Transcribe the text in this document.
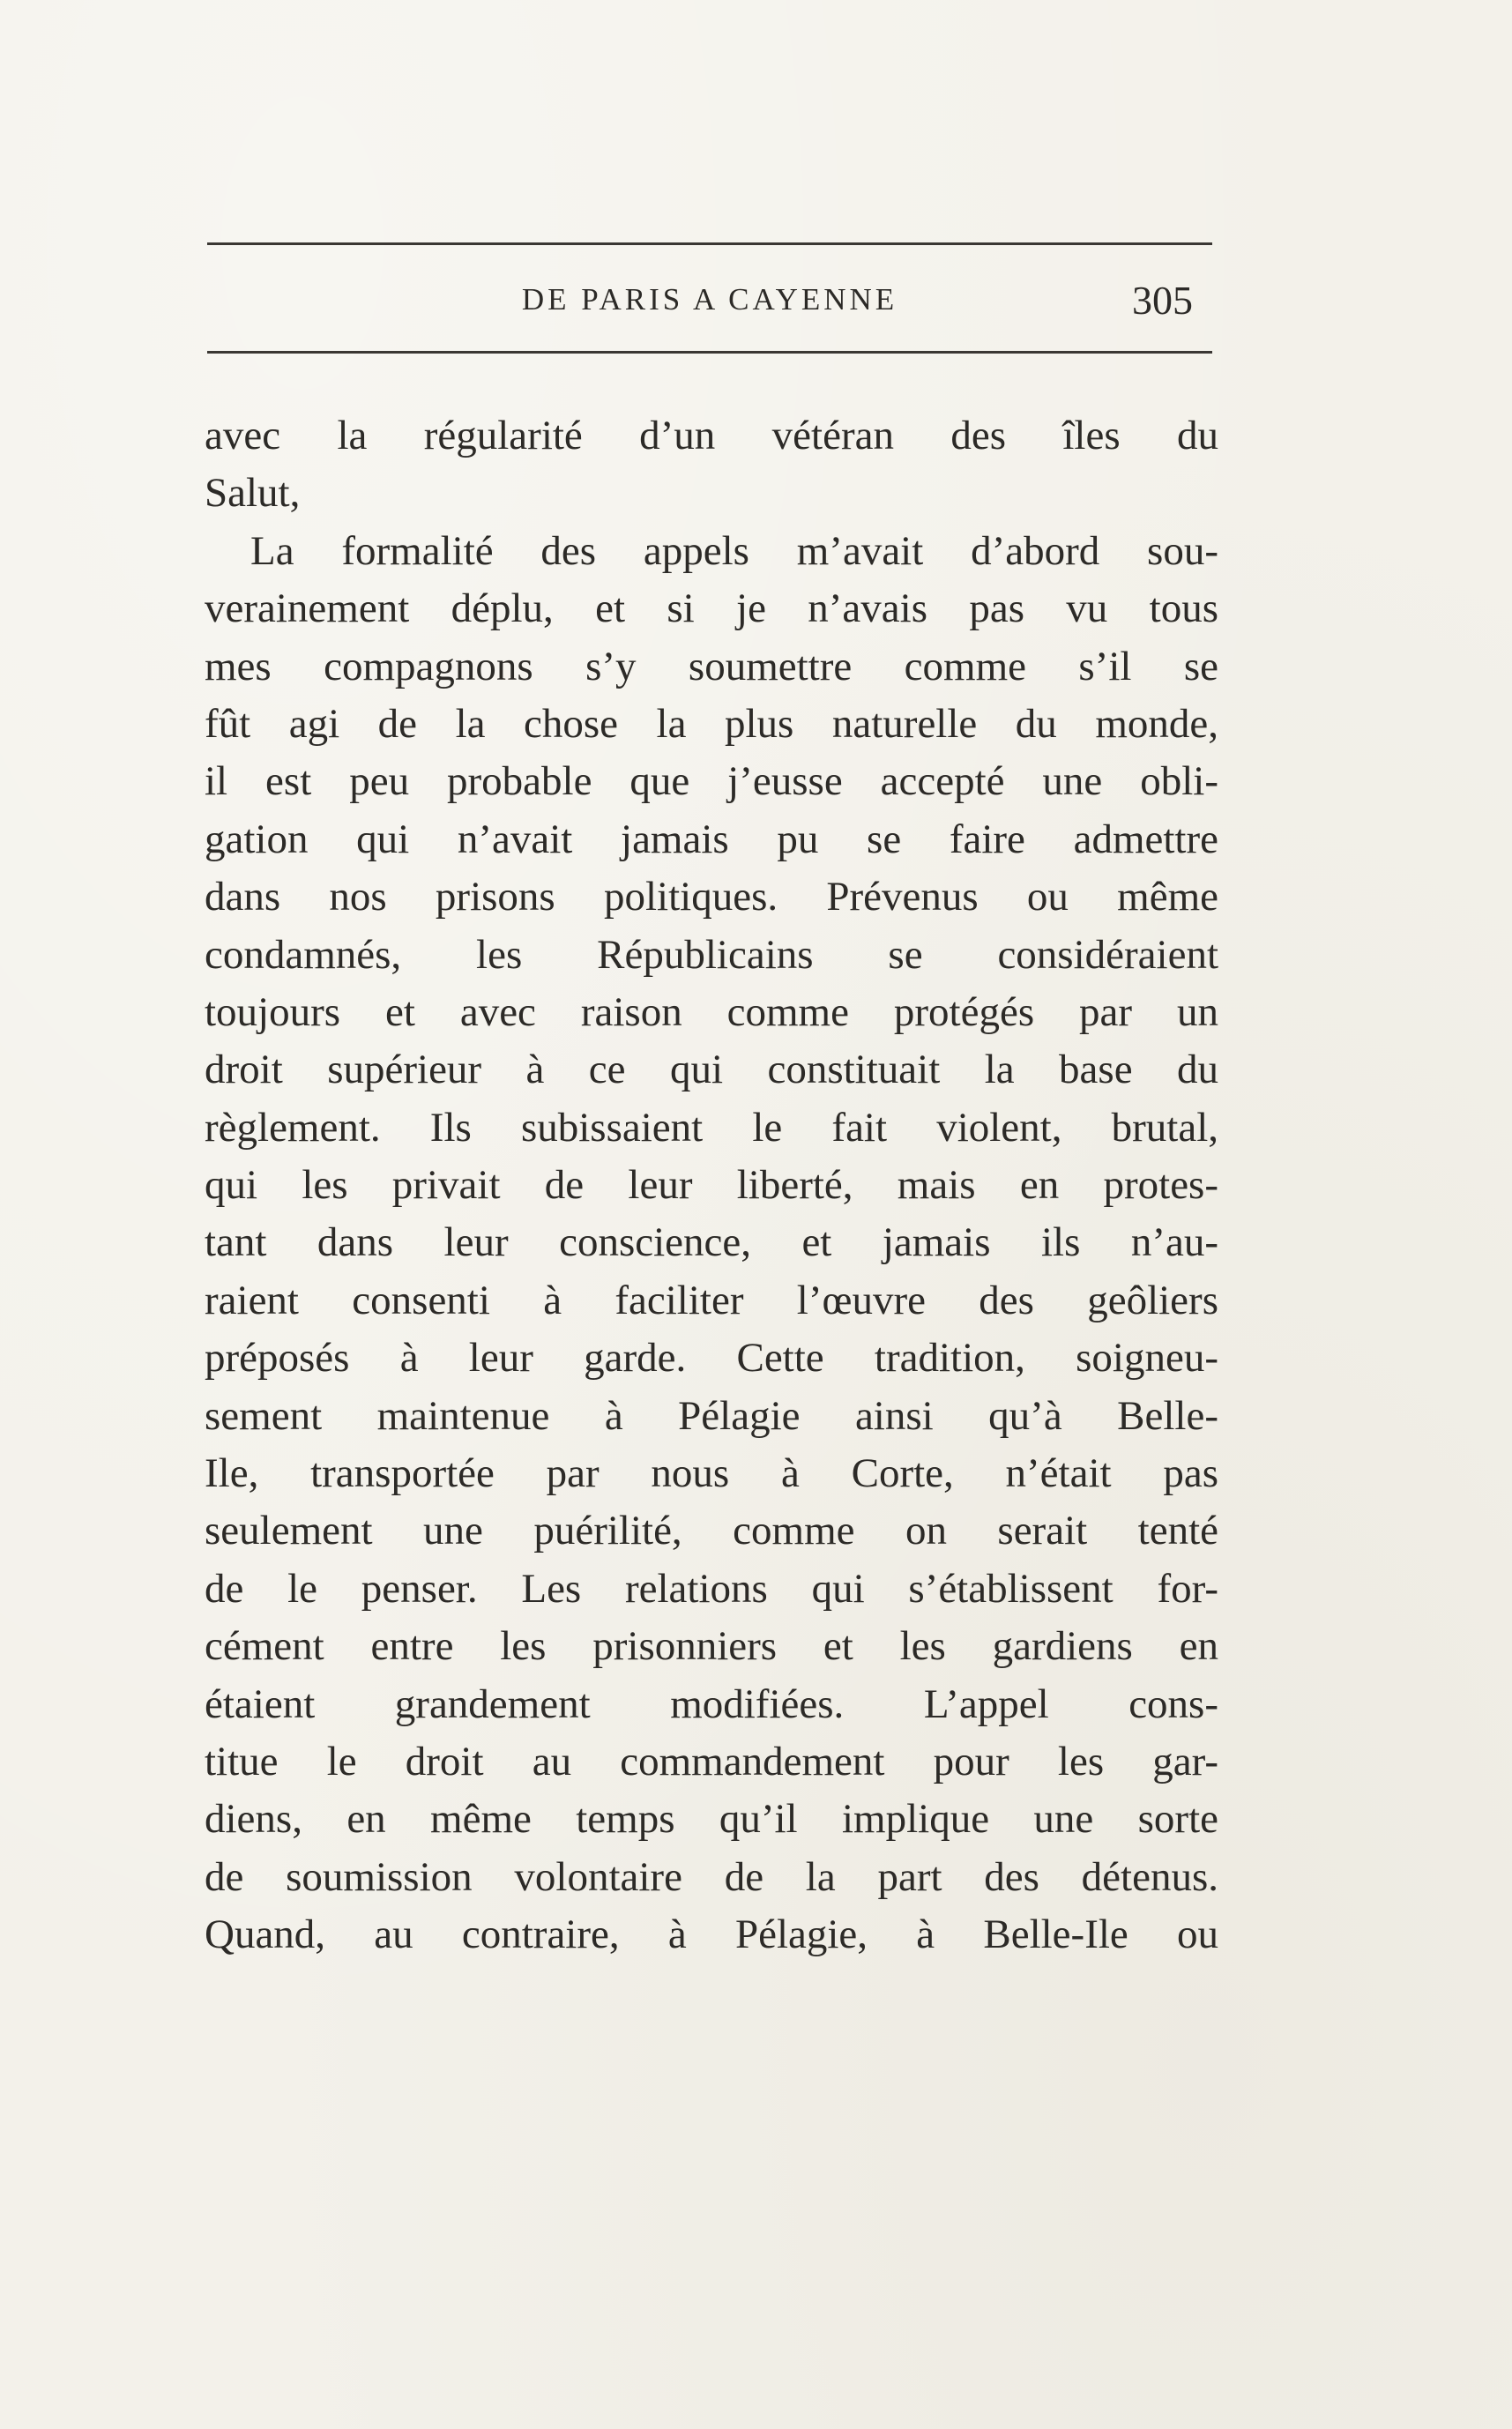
DE PARIS A CAYENNE	305
avec la régularité d’un vétéran des îles du
Salut,
La formalité des appels m’avait d’abord sou-
verainement déplu, et si je n’avais pas vu tous
mes compagnons s’y soumettre comme s’il se
fût agi de la chose la plus naturelle du monde,
il est peu probable que j’eusse accepté une obli-
gation qui n’avait jamais pu se faire admettre
dans nos prisons politiques. Prévenus ou même
condamnés, les Républicains se considéraient
toujours et avec raison comme protégés par un
droit supérieur à ce qui constituait la base du
règlement. Ils subissaient le fait violent, brutal,
qui les privait de leur liberté, mais en protes-
tant dans leur conscience, et jamais ils n’au-
raient consenti à faciliter l’œuvre des geôliers
préposés à leur garde. Cette tradition, soigneu-
sement maintenue à Pélagie ainsi qu’à Belle-
Ile, transportée par nous à Corte, n’était pas
seulement une puérilité, comme on serait tenté
de le penser. Les relations qui s’établissent for-
cément entre les prisonniers et les gardiens en
étaient grandement modifiées. L’appel cons-
titue le droit au commandement pour les gar-
diens, en même temps qu’il implique une sorte
de soumission volontaire de la part des détenus.
Quand, au contraire, à Pélagie, à Belle-Ile ou
